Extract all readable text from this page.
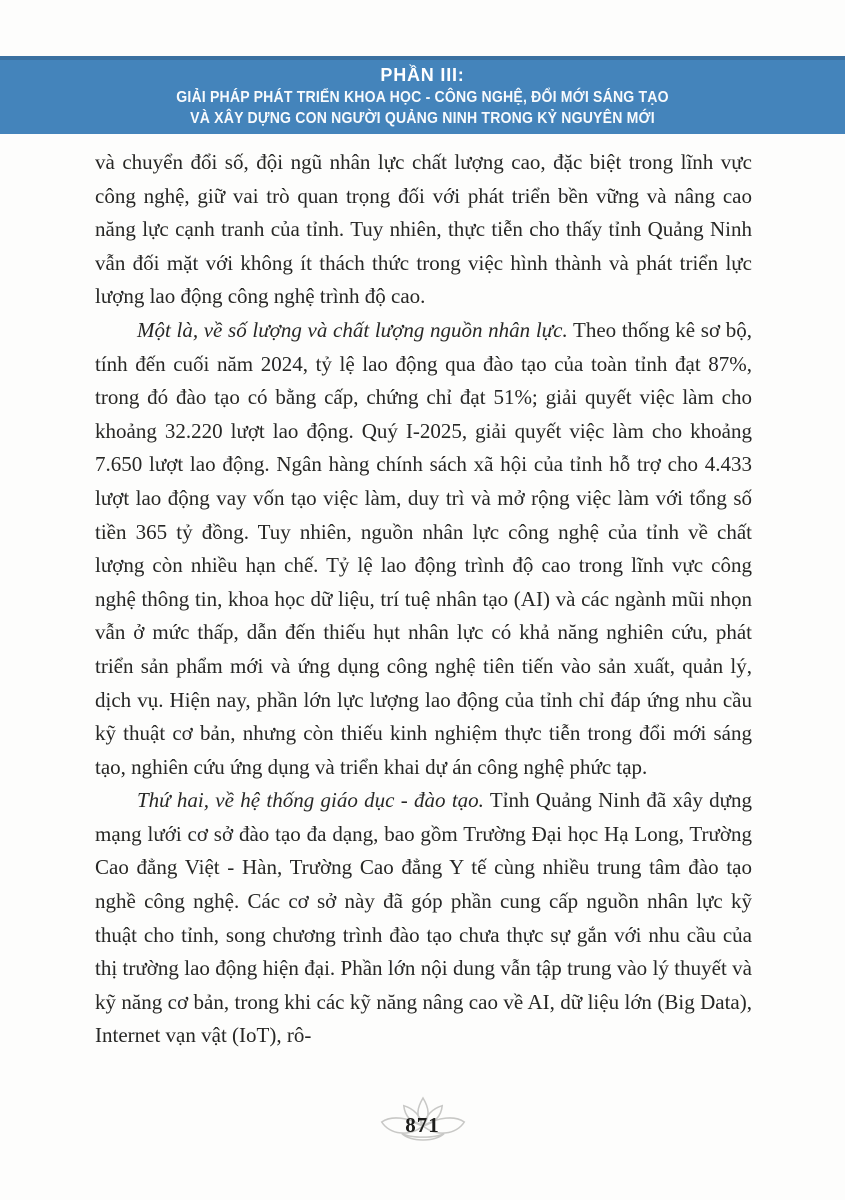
PHẦN III:
GIẢI PHÁP PHÁT TRIỂN KHOA HỌC - CÔNG NGHỆ, ĐỔI MỚI SÁNG TẠO
VÀ XÂY DỰNG CON NGƯỜI QUẢNG NINH TRONG KỶ NGUYÊN MỚI

và chuyển đổi số, đội ngũ nhân lực chất lượng cao, đặc biệt trong lĩnh vực công nghệ, giữ vai trò quan trọng đối với phát triển bền vững và nâng cao năng lực cạnh tranh của tỉnh. Tuy nhiên, thực tiễn cho thấy tỉnh Quảng Ninh vẫn đối mặt với không ít thách thức trong việc hình thành và phát triển lực lượng lao động công nghệ trình độ cao.

Một là, về số lượng và chất lượng nguồn nhân lực. Theo thống kê sơ bộ, tính đến cuối năm 2024, tỷ lệ lao động qua đào tạo của toàn tỉnh đạt 87%, trong đó đào tạo có bằng cấp, chứng chỉ đạt 51%; giải quyết việc làm cho khoảng 32.220 lượt lao động. Quý I-2025, giải quyết việc làm cho khoảng 7.650 lượt lao động. Ngân hàng chính sách xã hội của tỉnh hỗ trợ cho 4.433 lượt lao động vay vốn tạo việc làm, duy trì và mở rộng việc làm với tổng số tiền 365 tỷ đồng. Tuy nhiên, nguồn nhân lực công nghệ của tỉnh về chất lượng còn nhiều hạn chế. Tỷ lệ lao động trình độ cao trong lĩnh vực công nghệ thông tin, khoa học dữ liệu, trí tuệ nhân tạo (AI) và các ngành mũi nhọn vẫn ở mức thấp, dẫn đến thiếu hụt nhân lực có khả năng nghiên cứu, phát triển sản phẩm mới và ứng dụng công nghệ tiên tiến vào sản xuất, quản lý, dịch vụ. Hiện nay, phần lớn lực lượng lao động của tỉnh chỉ đáp ứng nhu cầu kỹ thuật cơ bản, nhưng còn thiếu kinh nghiệm thực tiễn trong đổi mới sáng tạo, nghiên cứu ứng dụng và triển khai dự án công nghệ phức tạp.

Thứ hai, về hệ thống giáo dục - đào tạo. Tỉnh Quảng Ninh đã xây dựng mạng lưới cơ sở đào tạo đa dạng, bao gồm Trường Đại học Hạ Long, Trường Cao đẳng Việt - Hàn, Trường Cao đẳng Y tế cùng nhiều trung tâm đào tạo nghề công nghệ. Các cơ sở này đã góp phần cung cấp nguồn nhân lực kỹ thuật cho tỉnh, song chương trình đào tạo chưa thực sự gắn với nhu cầu của thị trường lao động hiện đại. Phần lớn nội dung vẫn tập trung vào lý thuyết và kỹ năng cơ bản, trong khi các kỹ năng nâng cao về AI, dữ liệu lớn (Big Data), Internet vạn vật (IoT), rô-

871
